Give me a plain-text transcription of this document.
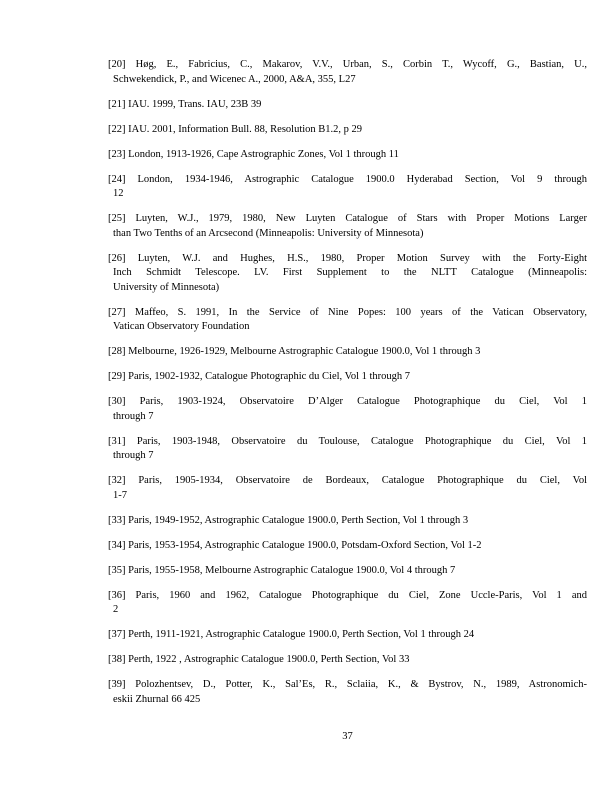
[20] Høg, E., Fabricius, C., Makarov, V.V., Urban, S., Corbin T., Wycoff, G., Bastian, U.,
Schwekendick, P., and Wicenec A., 2000, A&A, 355, L27
[21] IAU. 1999, Trans. IAU, 23B 39
[22] IAU. 2001, Information Bull. 88, Resolution B1.2, p 29
[23] London, 1913-1926, Cape Astrographic Zones, Vol 1 through 11
[24] London, 1934-1946, Astrographic Catalogue 1900.0 Hyderabad Section, Vol 9 through
12
[25] Luyten, W.J., 1979, 1980, New Luyten Catalogue of Stars with Proper Motions Larger
than Two Tenths of an Arcsecond (Minneapolis: University of Minnesota)
[26] Luyten, W.J. and Hughes, H.S., 1980, Proper Motion Survey with the Forty-Eight
Inch Schmidt Telescope. LV. First Supplement to the NLTT Catalogue (Minneapolis:
University of Minnesota)
[27] Maffeo, S. 1991, In the Service of Nine Popes: 100 years of the Vatican Observatory,
Vatican Observatory Foundation
[28] Melbourne, 1926-1929, Melbourne Astrographic Catalogue 1900.0, Vol 1 through 3
[29] Paris, 1902-1932, Catalogue Photographic du Ciel, Vol 1 through 7
[30] Paris, 1903-1924, Observatoire D’Alger Catalogue Photographique du Ciel, Vol 1
through 7
[31] Paris, 1903-1948, Observatoire du Toulouse, Catalogue Photographique du Ciel, Vol 1
through 7
[32] Paris, 1905-1934, Observatoire de Bordeaux, Catalogue Photographique du Ciel, Vol
1-7
[33] Paris, 1949-1952, Astrographic Catalogue 1900.0, Perth Section, Vol 1 through 3
[34] Paris, 1953-1954, Astrographic Catalogue 1900.0, Potsdam-Oxford Section, Vol 1-2
[35] Paris, 1955-1958, Melbourne Astrographic Catalogue 1900.0, Vol 4 through 7
[36] Paris, 1960 and 1962, Catalogue Photographique du Ciel, Zone Uccle-Paris, Vol 1 and
2
[37] Perth, 1911-1921, Astrographic Catalogue 1900.0, Perth Section, Vol 1 through 24
[38] Perth, 1922 , Astrographic Catalogue 1900.0, Perth Section, Vol 33
[39] Polozhentsev, D., Potter, K., Sal’Es, R., Sclaiia, K., & Bystrov, N., 1989, Astronomich-
eskii Zhurnal 66 425
37
